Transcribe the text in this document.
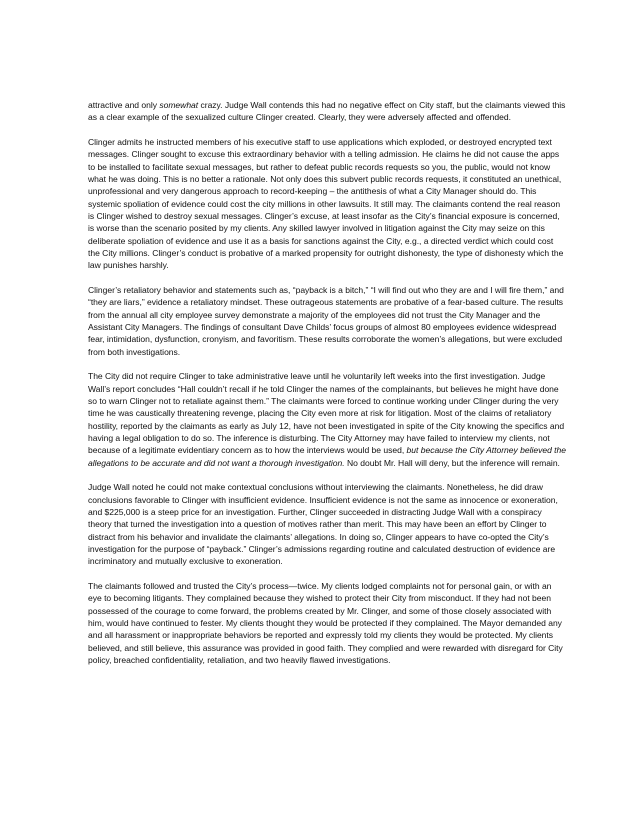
attractive and only somewhat crazy. Judge Wall contends this had no negative effect on City staff, but the claimants viewed this as a clear example of the sexualized culture Clinger created. Clearly, they were adversely affected and offended.

Clinger admits he instructed members of his executive staff to use applications which exploded, or destroyed encrypted text messages. Clinger sought to excuse this extraordinary behavior with a telling admission. He claims he did not cause the apps to be installed to facilitate sexual messages, but rather to defeat public records requests so you, the public, would not know what he was doing. This is no better a rationale. Not only does this subvert public records requests, it constituted an unethical, unprofessional and very dangerous approach to record-keeping – the antithesis of what a City Manager should do. This systemic spoliation of evidence could cost the city millions in other lawsuits. It still may. The claimants contend the real reason is Clinger wished to destroy sexual messages. Clinger’s excuse, at least insofar as the City’s financial exposure is concerned, is worse than the scenario posited by my clients. Any skilled lawyer involved in litigation against the City may seize on this deliberate spoliation of evidence and use it as a basis for sanctions against the City, e.g., a directed verdict which could cost the City millions. Clinger’s conduct is probative of a marked propensity for outright dishonesty, the type of dishonesty which the law punishes harshly.

Clinger’s retaliatory behavior and statements such as, “payback is a bitch,” “I will find out who they are and I will fire them,” and “they are liars,” evidence a retaliatory mindset. These outrageous statements are probative of a fear-based culture. The results from the annual all city employee survey demonstrate a majority of the employees did not trust the City Manager and the Assistant City Managers. The findings of consultant Dave Childs’ focus groups of almost 80 employees evidence widespread fear, intimidation, dysfunction, cronyism, and favoritism. These results corroborate the women’s allegations, but were excluded from both investigations.

The City did not require Clinger to take administrative leave until he voluntarily left weeks into the first investigation. Judge Wall’s report concludes “Hall couldn’t recall if he told Clinger the names of the complainants, but believes he might have done so to warn Clinger not to retaliate against them.” The claimants were forced to continue working under Clinger during the very time he was caustically threatening revenge, placing the City even more at risk for litigation. Most of the claims of retaliatory hostility, reported by the claimants as early as July 12, have not been investigated in spite of the City knowing the specifics and having a legal obligation to do so. The inference is disturbing. The City Attorney may have failed to interview my clients, not because of a legitimate evidentiary concern as to how the interviews would be used, but because the City Attorney believed the allegations to be accurate and did not want a thorough investigation. No doubt Mr. Hall will deny, but the inference will remain.

Judge Wall noted he could not make contextual conclusions without interviewing the claimants. Nonetheless, he did draw conclusions favorable to Clinger with insufficient evidence. Insufficient evidence is not the same as innocence or exoneration, and $225,000 is a steep price for an investigation. Further, Clinger succeeded in distracting Judge Wall with a conspiracy theory that turned the investigation into a question of motives rather than merit. This may have been an effort by Clinger to distract from his behavior and invalidate the claimants’ allegations. In doing so, Clinger appears to have co-opted the City’s investigation for the purpose of “payback.” Clinger’s admissions regarding routine and calculated destruction of evidence are incriminatory and mutually exclusive to exoneration.

The claimants followed and trusted the City’s process—twice. My clients lodged complaints not for personal gain, or with an eye to becoming litigants. They complained because they wished to protect their City from misconduct. If they had not been possessed of the courage to come forward, the problems created by Mr. Clinger, and some of those closely associated with him, would have continued to fester. My clients thought they would be protected if they complained. The Mayor demanded any and all harassment or inappropriate behaviors be reported and expressly told my clients they would be protected. My clients believed, and still believe, this assurance was provided in good faith. They complied and were rewarded with disregard for City policy, breached confidentiality, retaliation, and two heavily flawed investigations.
